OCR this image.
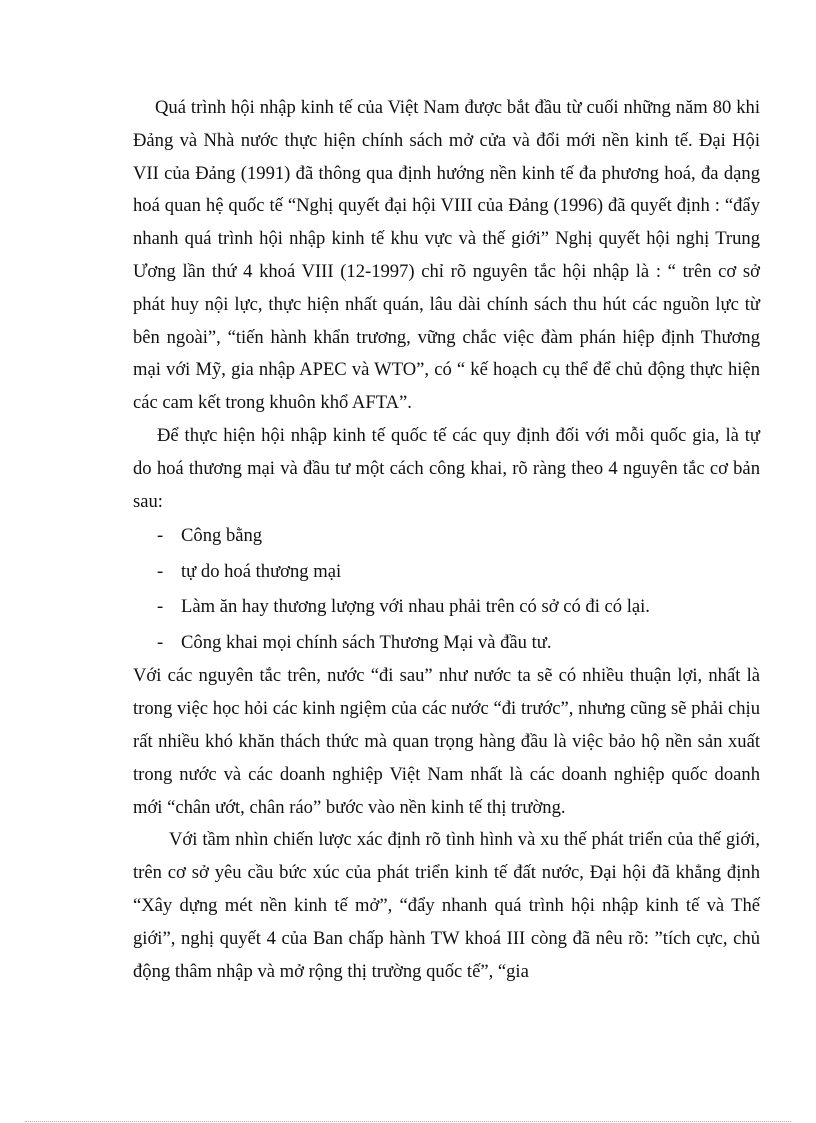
Quá trình hội nhập kinh tế của Việt Nam được bắt đầu từ cuối những năm 80 khi Đảng và Nhà nước thực hiện chính sách mở cửa và đổi mới nền kinh tế. Đại Hội VII của Đảng (1991) đã thông qua định hướng nền kinh tế đa phương hoá, đa dạng hoá quan hệ quốc tế “Nghị quyết đại hội VIII của Đảng (1996) đã quyết định : “đẩy nhanh quá trình hội nhập kinh tế khu vực và thế giới” Nghị quyết hội nghị Trung Ương lần thứ 4 khoá VIII (12-1997) chỉ rõ nguyên tắc hội nhập là : “ trên cơ sở phát huy nội lực, thực hiện nhất quán, lâu dài chính sách thu hút các nguồn lực từ bên ngoài”, “tiến hành khẩn trương, vững chắc việc đàm phán hiệp định Thương mại với Mỹ, gia nhập APEC và WTO”, có “ kế hoạch cụ thể để chủ động thực hiện các cam kết trong khuôn khổ AFTA”.

Để thực hiện hội nhập kinh tế quốc tế các quy định đối với mỗi quốc gia, là tự do hoá thương mại và đầu tư một cách công khai, rõ ràng theo 4 nguyên tắc cơ bản sau:

- Công bằng
- tự do hoá thương mại
- Làm ăn hay thương lượng với nhau phải trên có sở có đi có lại.
- Công khai mọi chính sách Thương Mại và đầu tư.

Với các nguyên tắc trên, nước “đi sau” như nước ta sẽ có nhiều thuận lợi, nhất là trong việc học hỏi các kinh ngiệm của các nước “đi trước”, nhưng cũng sẽ phải chịu rất nhiều khó khăn thách thức mà quan trọng hàng đầu là việc bảo hộ nền sản xuất trong nước và các doanh nghiệp Việt Nam nhất là các doanh nghiệp quốc doanh mới “chân ướt, chân ráo” bước vào nền kinh tế thị trường.

Với tầm nhìn chiến lược xác định rõ tình hình và xu thế phát triển của thế giới, trên cơ sở yêu cầu bức xúc của phát triển kinh tế đất nước, Đại hội đã khẳng định “Xây dựng mét nền kinh tế mở”, “đẩy nhanh quá trình hội nhập kinh tế và Thế giới”, nghị quyết 4 của Ban chấp hành TW khoá III còng đã nêu rõ: ”tích cực, chủ động thâm nhập và mở rộng thị trường quốc tế”, “gia
